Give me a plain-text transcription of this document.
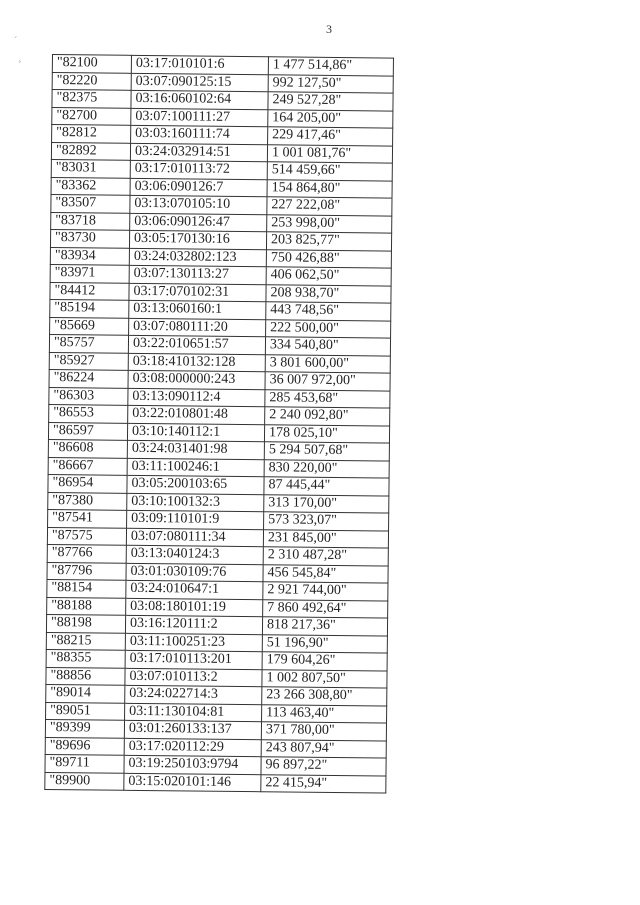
3
´
¸	"82100	03:17:010101:6	1 477 514,86"
"82220	03:07:090125:15	992 127,50"
"82375	03:16:060102:64	249 527,28"
"82700	03:07:100111:27	164 205,00"
"82812	03:03:160111:74	229 417,46"
"82892	03:24:032914:51	1 001 081,76"
"83031	03:17:010113:72	514 459,66"
"83362	03:06:090126:7	154 864,80"
"83507	03:13:070105:10	227 222,08"
"83718	03:06:090126:47	253 998,00"
"83730	03:05:170130:16	203 825,77"
"83934	03:24:032802:123	750 426,88"
"83971	03:07:130113:27	406 062,50"
"84412	03:17:070102:31	208 938,70"
"85194	03:13:060160:1	443 748,56"
"85669	03:07:080111:20	222 500,00"
"85757	03:22:010651:57	334 540,80"
"85927	03:18:410132:128	3 801 600,00"
"86224	03:08:000000:243	36 007 972,00"
"86303	03:13:090112:4	285 453,68"
"86553	03:22:010801:48	2 240 092,80"
"86597	03:10:140112:1	178 025,10"
"86608	03:24:031401:98	5 294 507,68"
"86667	03:11:100246:1	830 220,00"
"86954	03:05:200103:65	87 445,44"
"87380	03:10:100132:3	313 170,00"
"87541	03:09:110101:9	573 323,07"
"87575	03:07:080111:34	231 845,00"
"87766	03:13:040124:3	2 310 487,28"
"87796	03:01:030109:76	456 545,84"
"88154	03:24:010647:1	2 921 744,00"
"88188	03:08:180101:19	7 860 492,64"
"88198	03:16:120111:2	818 217,36"
"88215	03:11:100251:23	51 196,90"
"88355	03:17:010113:201	179 604,26"
"88856	03:07:010113:2	1 002 807,50"
"89014	03:24:022714:3	23 266 308,80"
"89051	03:11:130104:81	113 463,40"
"89399	03:01:260133:137	371 780,00"
"89696	03:17:020112:29	243 807,94"
"89711	03:19:250103:9794	96 897,22"
"89900	03:15:020101:146	22 415,94"
